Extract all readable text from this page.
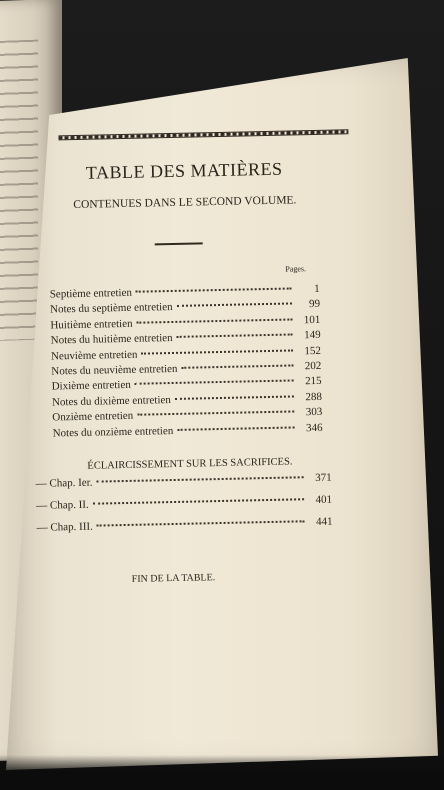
TABLE DES MATIÈRES
CONTENUES DANS LE SECOND VOLUME.
Pages.
Septième entretien	1
Notes du septième entretien	99
Huitième entretien	101
Notes du huitième entretien	149
Neuvième entretien	152
Notes du neuvième entretien	202
Dixième entretien	215
Notes du dixième entretien	288
Onzième entretien	303
Notes du onzième entretien	346
ÉCLAIRCISSEMENT SUR LES SACRIFICES.
— Chap. Ier.	371
— Chap. II.	401
— Chap. III.	441
FIN DE LA TABLE.
